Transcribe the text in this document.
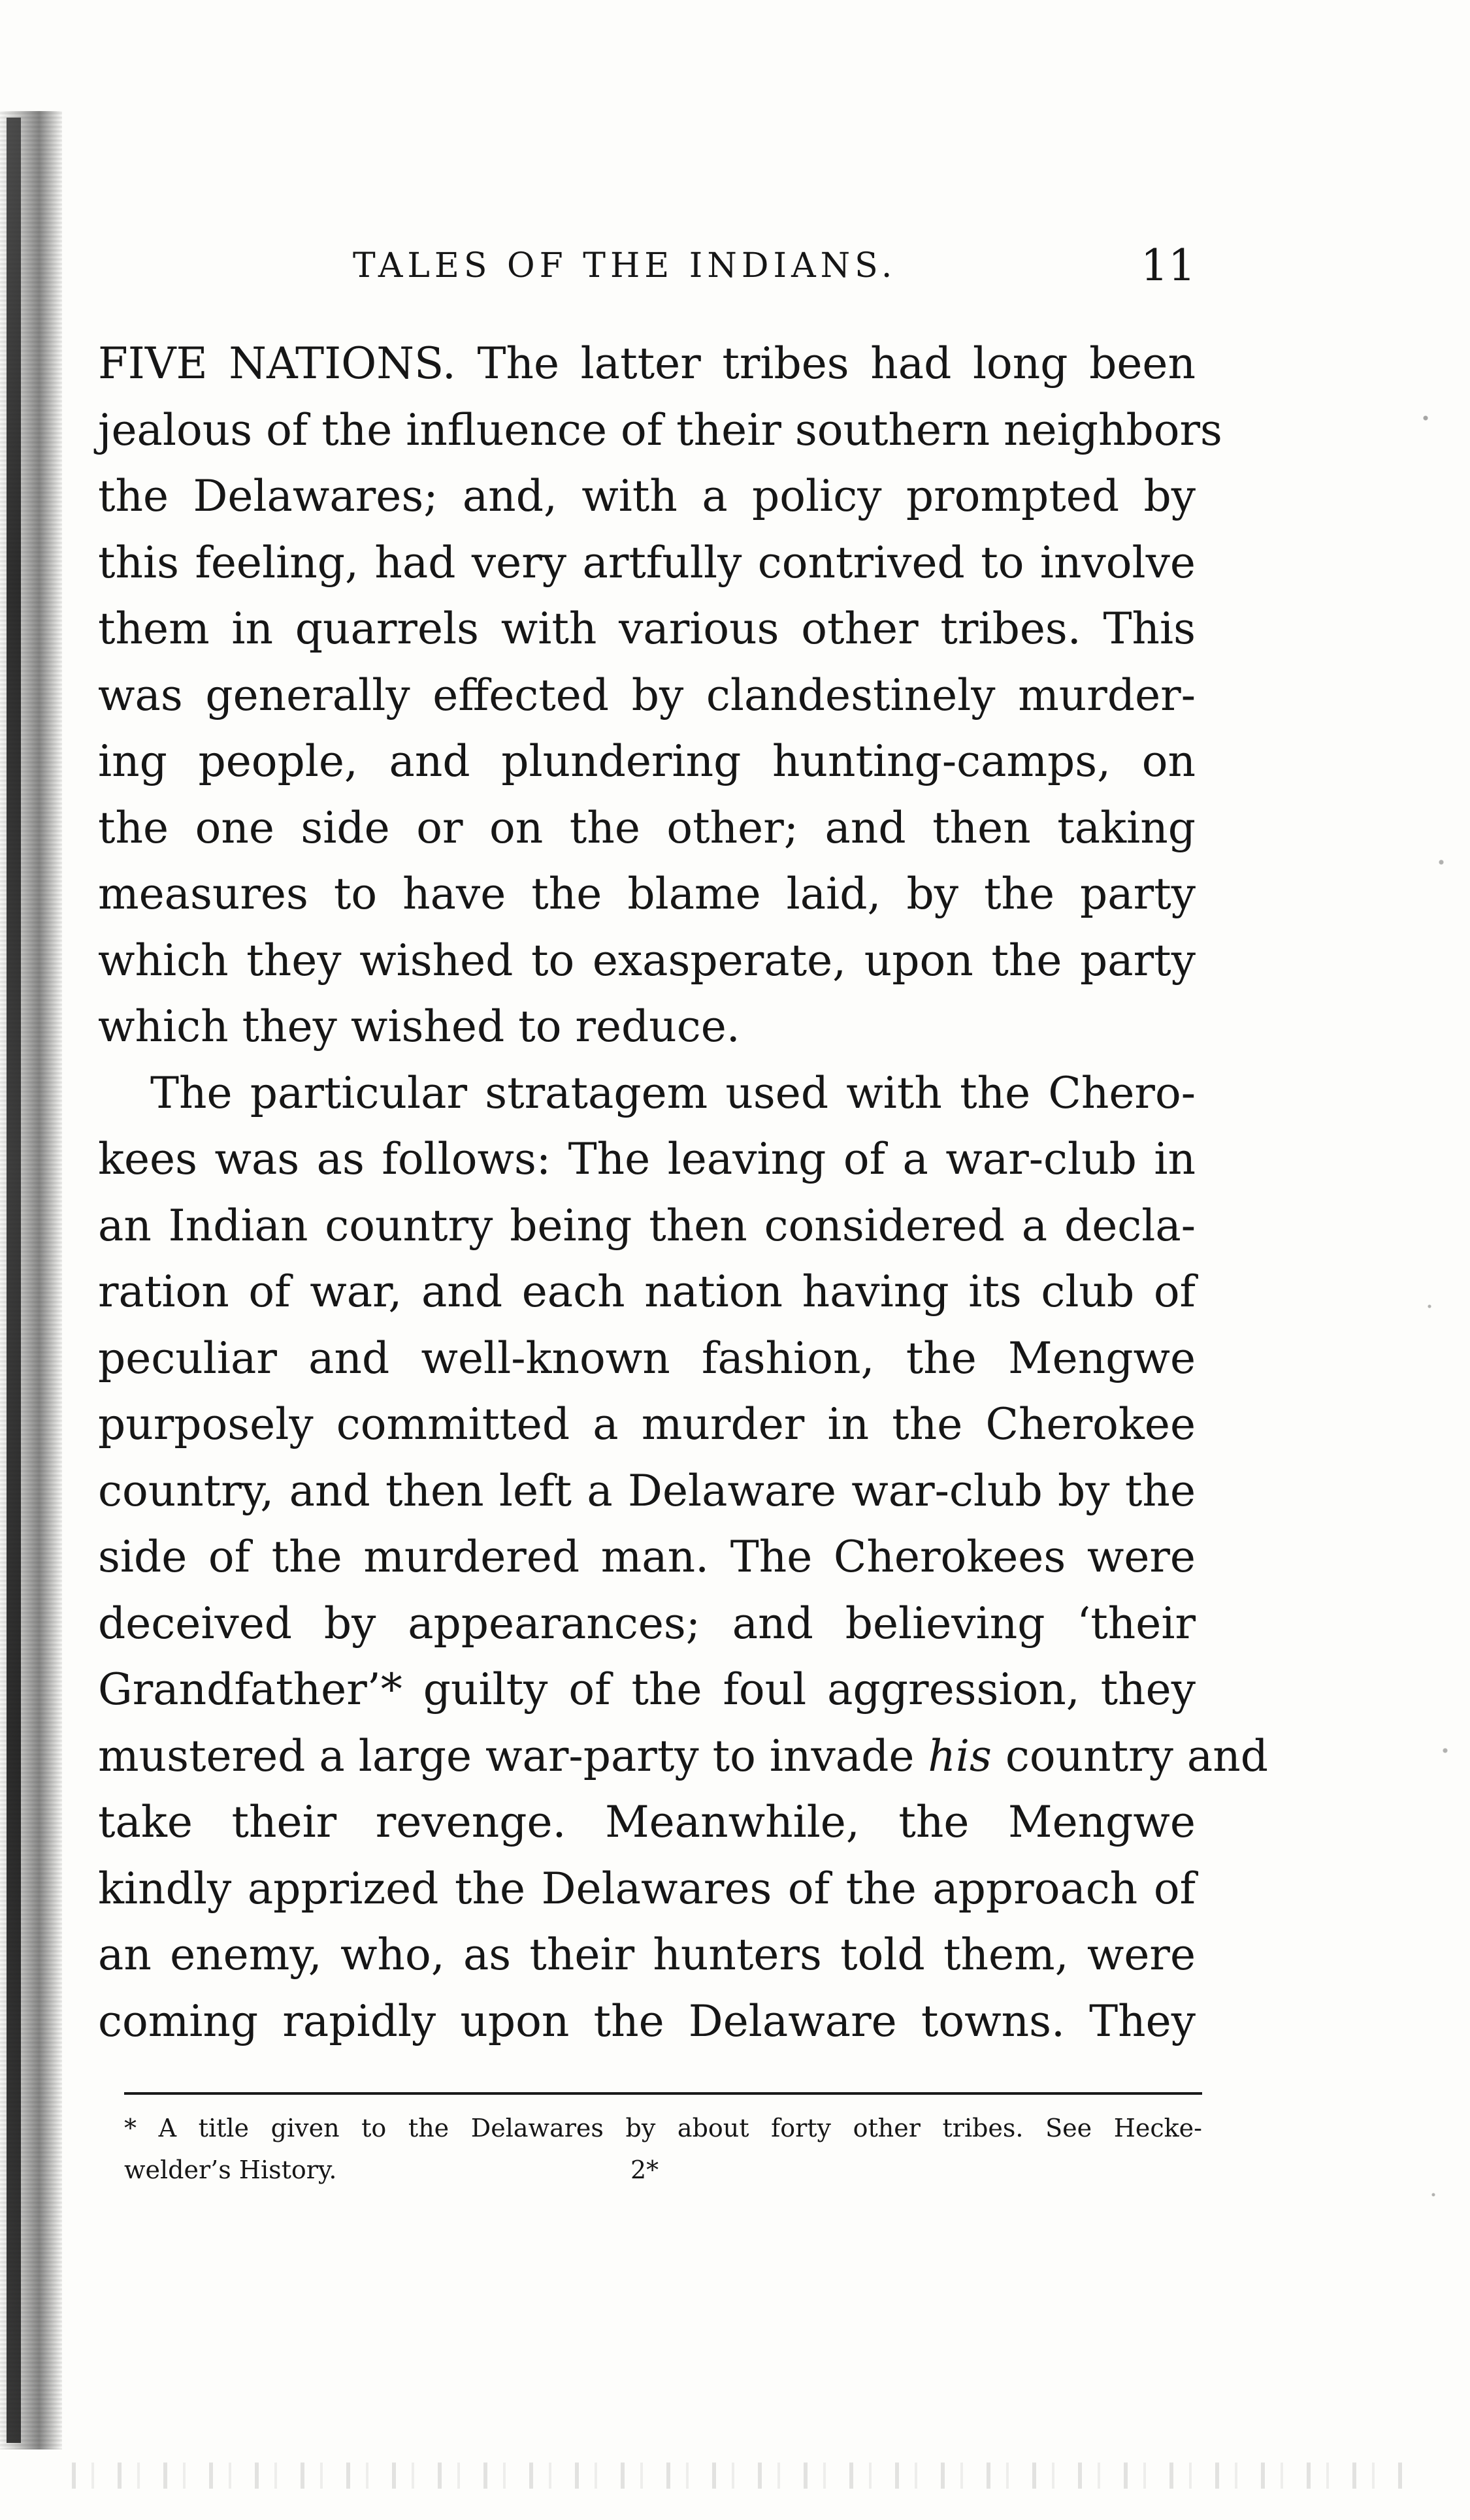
TALES OF THE INDIANS.	11
FIVE NATIONS. The latter tribes had long been
jealous of the influence of their southern neighbors
the Delawares; and, with a policy prompted by
this feeling, had very artfully contrived to involve
them in quarrels with various other tribes. This
was generally effected by clandestinely murder-
ing people, and plundering hunting-camps, on
the one side or on the other; and then taking
measures to have the blame laid, by the party
which they wished to exasperate, upon the party
which they wished to reduce.
The particular stratagem used with the Chero-
kees was as follows: The leaving of a war-club in
an Indian country being then considered a decla-
ration of war, and each nation having its club of
peculiar and well-known fashion, the Mengwe
purposely committed a murder in the Cherokee
country, and then left a Delaware war-club by the
side of the murdered man. The Cherokees were
deceived by appearances; and believing ‘their
Grandfather’* guilty of the foul aggression, they
mustered a large war-party to invade his country and
take their revenge. Meanwhile, the Mengwe
kindly apprized the Delawares of the approach of
an enemy, who, as their hunters told them, were
coming rapidly upon the Delaware towns. They
* A title given to the Delawares by about forty other tribes. See Hecke-
welder’s History.	2*
